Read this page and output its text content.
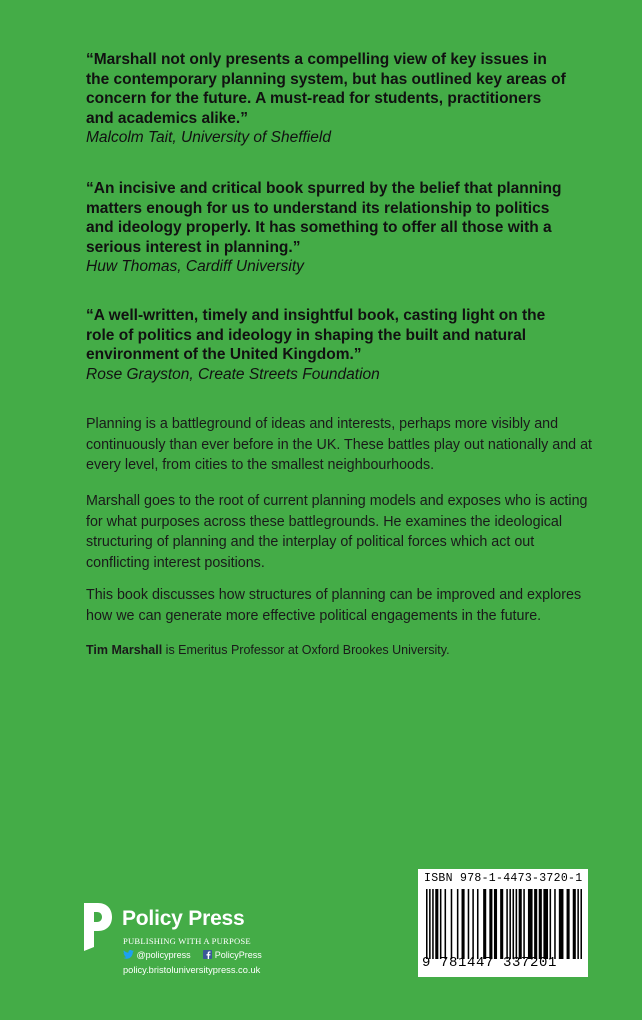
“Marshall not only presents a compelling view of key issues in the contemporary planning system, but has outlined key areas of concern for the future. A must-read for students, practitioners and academics alike.”

Malcolm Tait, University of Sheffield

“An incisive and critical book spurred by the belief that planning matters enough for us to understand its relationship to politics and ideology properly. It has something to offer all those with a serious interest in planning.”

Huw Thomas, Cardiff University

“A well-written, timely and insightful book, casting light on the role of politics and ideology in shaping the built and natural environment of the United Kingdom.”

Rose Grayston, Create Streets Foundation

Planning is a battleground of ideas and interests, perhaps more visibly and continuously than ever before in the UK. These battles play out nationally and at every level, from cities to the smallest neighbourhoods.

Marshall goes to the root of current planning models and exposes who is acting for what purposes across these battlegrounds. He examines the ideological structuring of planning and the interplay of political forces which act out conflicting interest positions.

This book discusses how structures of planning can be improved and explores how we can generate more effective political engagements in the future.

Tim Marshall is Emeritus Professor at Oxford Brookes University.

Policy Press
PUBLISHING WITH A PURPOSE
@policypress	PolicyPress
policy.bristoluniversitypress.co.uk
ISBN 978-1-4473-3720-1
9 781447 337201
